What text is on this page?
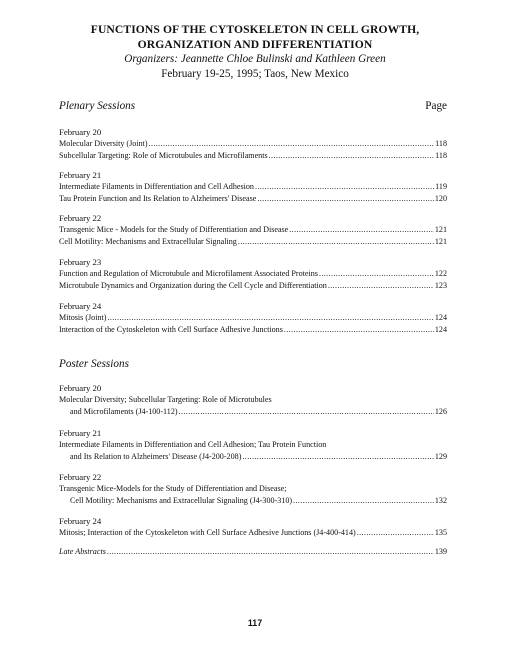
FUNCTIONS OF THE CYTOSKELETON IN CELL GROWTH,
ORGANIZATION AND DIFFERENTIATION
Organizers: Jeannette Chloe Bulinski and Kathleen Green
February 19-25, 1995; Taos, New Mexico
Plenary Sessions	Page
February 20
Molecular Diversity (Joint) .....	118
Subcellular Targeting: Role of Microtubules and Microfilaments .....	118
February 21
Intermediate Filaments in Differentiation and Cell Adhesion .....	119
Tau Protein Function and Its Relation to Alzheimers' Disease .....	120
February 22
Transgenic Mice - Models for the Study of Differentiation and Disease .....	121
Cell Motility: Mechanisms and Extracellular Signaling .....	121
February 23
Function and Regulation of Microtubule and Microfilament Associated Proteins .....	122
Microtubule Dynamics and Organization during the Cell Cycle and Differentiation .....	123
February 24
Mitosis (Joint) .....	124
Interaction of the Cytoskeleton with Cell Surface Adhesive Junctions .....	124
Poster Sessions
February 20
Molecular Diversity; Subcellular Targeting: Role of Microtubules
and Microfilaments (J4-100-112) .....	126
February 21
Intermediate Filaments in Differentiation and Cell Adhesion; Tau Protein Function
and Its Relation to Alzheimers' Disease (J4-200-208) .....	129
February 22
Transgenic Mice-Models for the Study of Differentiation and Disease;
Cell Motility: Mechanisms and Extracellular Signaling (J4-300-310) .....	132
February 24
Mitosis; Interaction of the Cytoskeleton with Cell Surface Adhesive Junctions (J4-400-414) .....	135
Late Abstracts .....	139
117
